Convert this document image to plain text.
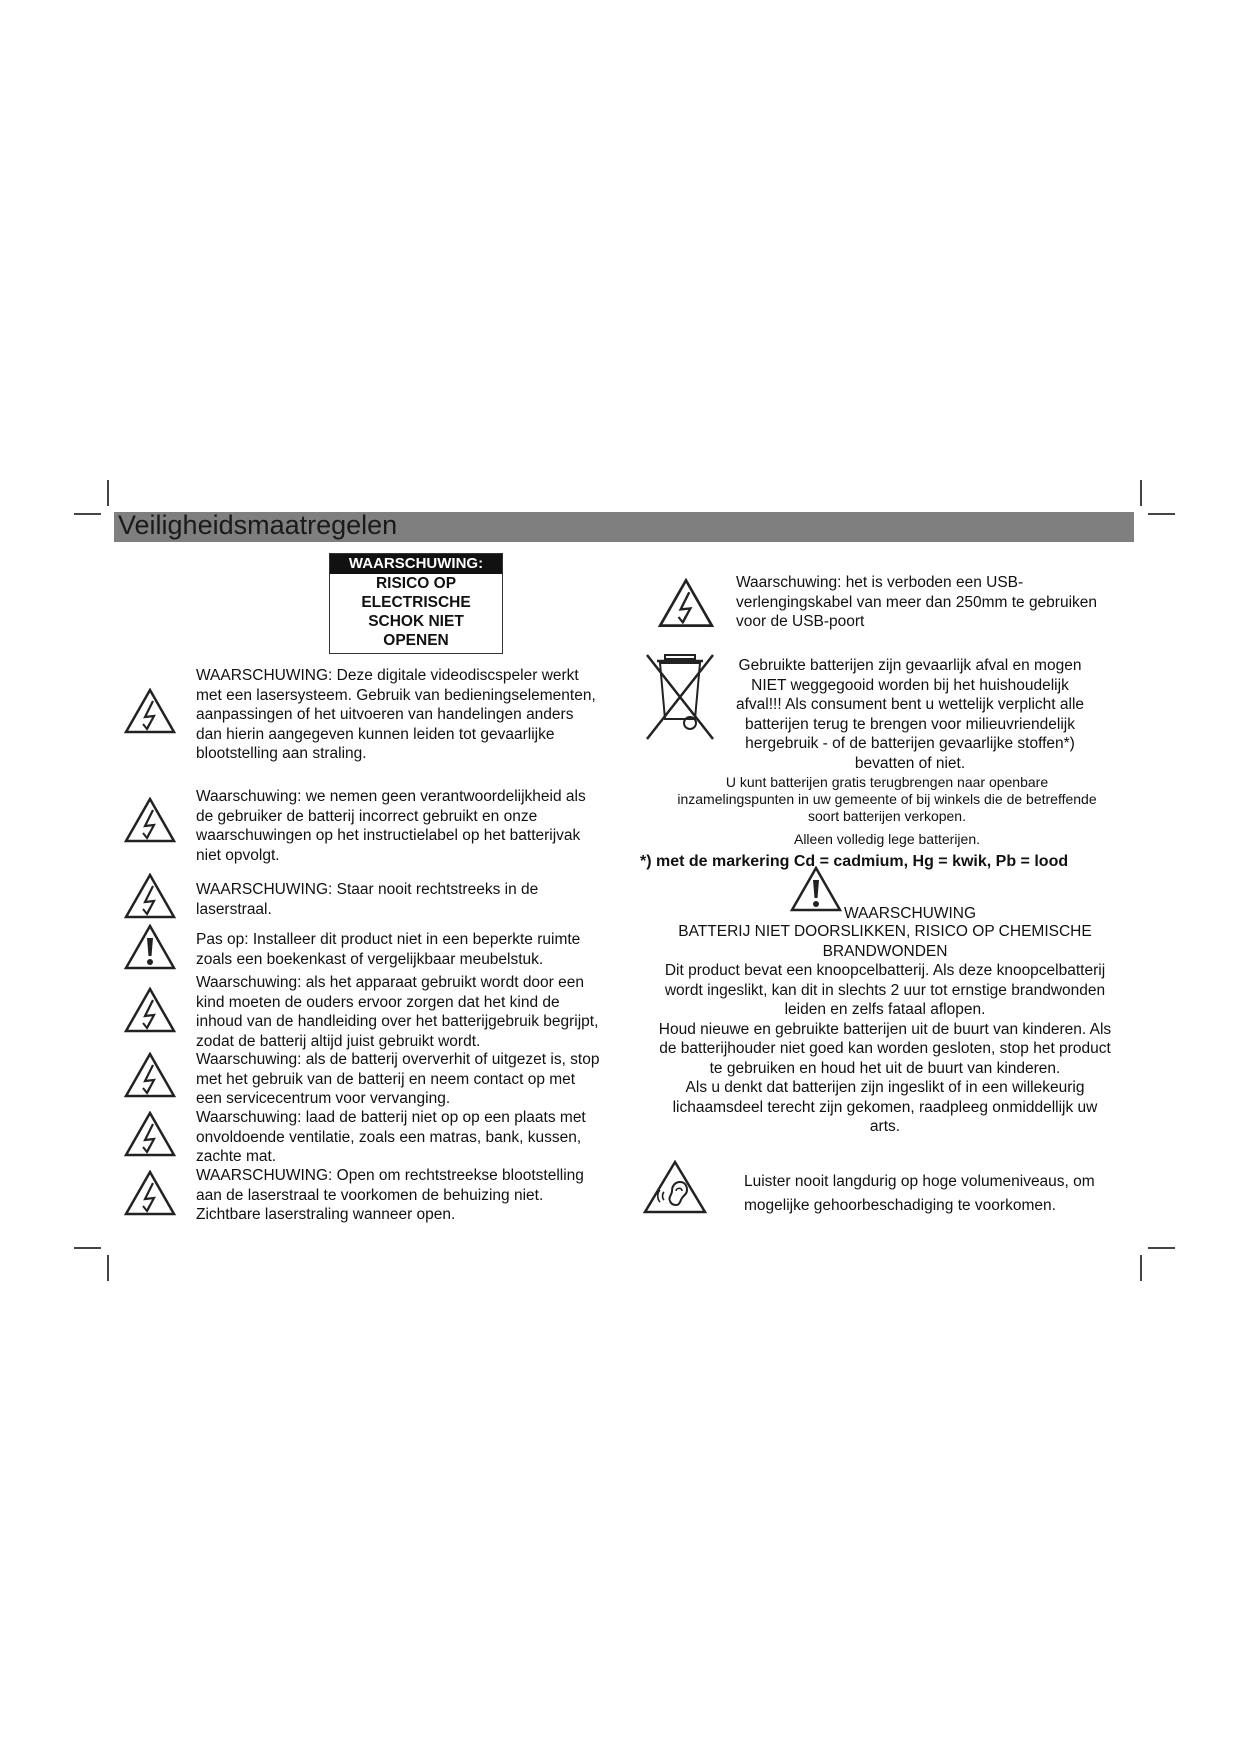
Veiligheidsmaatregelen
WAARSCHUWING:
RISICO OP
ELECTRISCHE
SCHOK NIET
OPENEN
WAARSCHUWING: Deze digitale videodiscspeler werkt
met een lasersysteem. Gebruik van bedieningselementen,
aanpassingen of het uitvoeren van handelingen anders
dan hierin aangegeven kunnen leiden tot gevaarlijke
blootstelling aan straling.
Waarschuwing: we nemen geen verantwoordelijkheid als
de gebruiker de batterij incorrect gebruikt en onze
waarschuwingen op het instructielabel op het batterijvak
niet opvolgt.
WAARSCHUWING: Staar nooit rechtstreeks in de
laserstraal.
Pas op: Installeer dit product niet in een beperkte ruimte
zoals een boekenkast of vergelijkbaar meubelstuk.
Waarschuwing: als het apparaat gebruikt wordt door een
kind moeten de ouders ervoor zorgen dat het kind de
inhoud van de handleiding over het batterijgebruik begrijpt,
zodat de batterij altijd juist gebruikt wordt.
Waarschuwing: als de batterij oververhit of uitgezet is, stop
met het gebruik van de batterij en neem contact op met
een servicecentrum voor vervanging.
Waarschuwing: laad de batterij niet op op een plaats met
onvoldoende ventilatie, zoals een matras, bank, kussen,
zachte mat.
WAARSCHUWING: Open om rechtstreekse blootstelling
aan de laserstraal te voorkomen de behuizing niet.
Zichtbare laserstraling wanneer open.
Waarschuwing: het is verboden een USB-
verlengingskabel van meer dan 250mm te gebruiken
voor de USB-poort
Gebruikte batterijen zijn gevaarlijk afval en mogen
NIET weggegooid worden bij het huishoudelijk
afval!!! Als consument bent u wettelijk verplicht alle
batterijen terug te brengen voor milieuvriendelijk
hergebruik - of de batterijen gevaarlijke stoffen*)
bevatten of niet.
U kunt batterijen gratis terugbrengen naar openbare
inzamelingspunten in uw gemeente of bij winkels die de betreffende
soort batterijen verkopen.
Alleen volledig lege batterijen.
*) met de markering Cd = cadmium, Hg = kwik, Pb = lood
WAARSCHUWING
BATTERIJ NIET DOORSLIKKEN, RISICO OP CHEMISCHE
BRANDWONDEN
Dit product bevat een knoopcelbatterij. Als deze knoopcelbatterij
wordt ingeslikt, kan dit in slechts 2 uur tot ernstige brandwonden
leiden en zelfs fataal aflopen.
Houd nieuwe en gebruikte batterijen uit de buurt van kinderen. Als
de batterijhouder niet goed kan worden gesloten, stop het product
te gebruiken en houd het uit de buurt van kinderen.
Als u denkt dat batterijen zijn ingeslikt of in een willekeurig
lichaamsdeel terecht zijn gekomen, raadpleeg onmiddellijk uw
arts.
Luister nooit langdurig op hoge volumeniveaus, om
mogelijke gehoorbeschadiging te voorkomen.
